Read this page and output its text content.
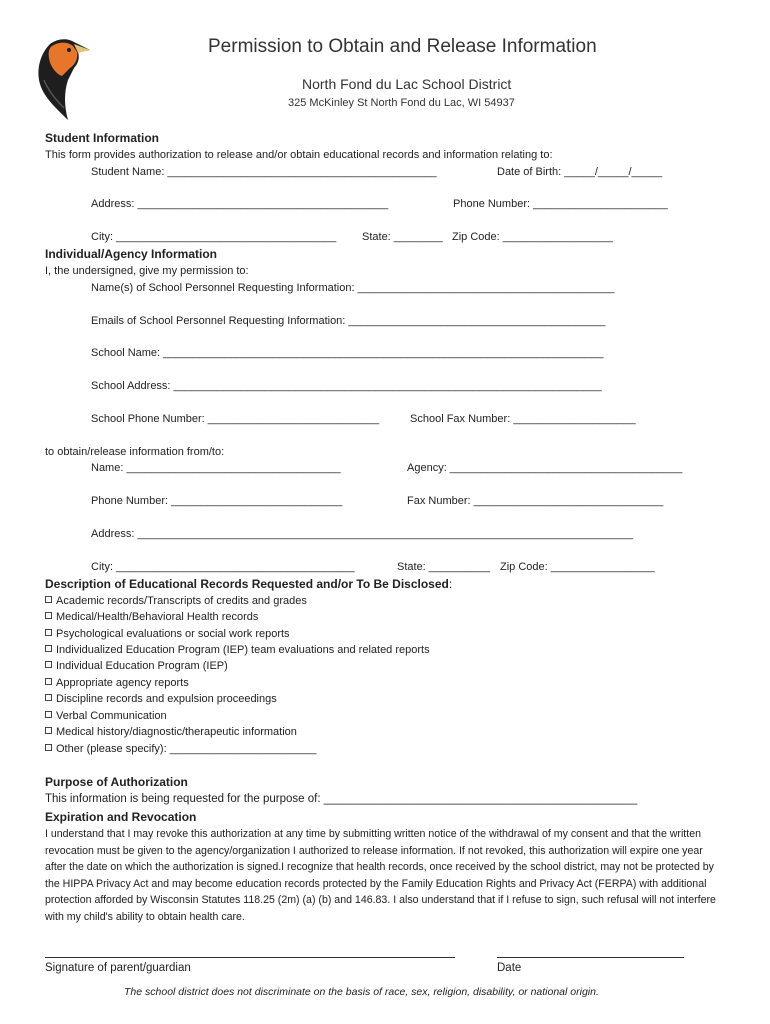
Permission to Obtain and Release Information
North Fond du Lac School District
325 McKinley St North Fond du Lac, WI 54937
Student Information
This form provides authorization to release and/or obtain educational records and information relating to:
Student Name: ____________________________________________	Date of Birth: _____/_____/_____
Address: _________________________________________	Phone Number: ______________________
City: ____________________________________ State: ________ Zip Code: __________________
Individual/Agency Information
I, the undersigned, give my permission to:
Name(s) of School Personnel Requesting Information: __________________________________________
Emails of School Personnel Requesting Information: __________________________________________
School Name: ________________________________________________________________________
School Address: ______________________________________________________________________
School Phone Number: ____________________________	School Fax Number: ____________________
to obtain/release information from/to:
Name: ___________________________________	Agency: ______________________________________
Phone Number: ____________________________	Fax Number: _______________________________
Address: _________________________________________________________________________________
City: _______________________________________	State: __________ Zip Code: _________________
Description of Educational Records Requested and/or To Be Disclosed:
Academic records/Transcripts of credits and grades
Medical/Health/Behavioral Health records
Psychological evaluations or social work reports
Individualized Education Program (IEP) team evaluations and related reports
Individual Education Program (IEP)
Appropriate agency reports
Discipline records and expulsion proceedings
Verbal Communication
Medical history/diagnostic/therapeutic information
Other (please specify): ________________________
Purpose of Authorization
This information is being requested for the purpose of: _________________________________________________
Expiration and Revocation
I understand that I may revoke this authorization at any time by submitting written notice of the withdrawal of my consent and that the written revocation must be given to the agency/organization I authorized to release information. If not revoked, this authorization will expire one year after the date on which the authorization is signed.I recognize that health records, once received by the school district, may not be protected by the HIPPA Privacy Act and may become education records protected by the Family Education Rights and Privacy Act (FERPA) with additional protection afforded by Wisconsin Statutes 118.25 (2m) (a) (b) and 146.83. I also understand that if I refuse to sign, such refusal will not interfere with my child's ability to obtain health care.
Signature of parent/guardian	Date
The school district does not discriminate on the basis of race, sex, religion, disability, or national origin.
